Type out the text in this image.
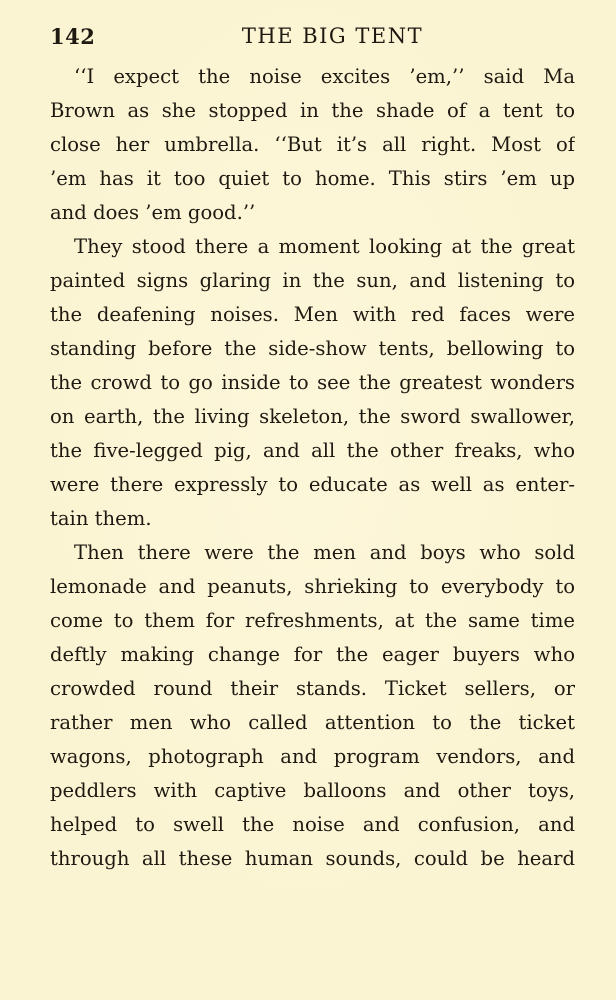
142	THE BIG TENT
‘‘I expect the noise excites ’em,’’ said Ma
Brown as she stopped in the shade of a tent to
close her umbrella. ‘‘But it’s all right. Most of
’em has it too quiet to home. This stirs ’em up
and does ’em good.’’
They stood there a moment looking at the great
painted signs glaring in the sun, and listening to
the deafening noises. Men with red faces were
standing before the side-show tents, bellowing to
the crowd to go inside to see the greatest wonders
on earth, the living skeleton, the sword swallower,
the five-legged pig, and all the other freaks, who
were there expressly to educate as well as enter-
tain them.
Then there were the men and boys who sold
lemonade and peanuts, shrieking to everybody to
come to them for refreshments, at the same time
deftly making change for the eager buyers who
crowded round their stands. Ticket sellers, or
rather men who called attention to the ticket
wagons, photograph and program vendors, and
peddlers with captive balloons and other toys,
helped to swell the noise and confusion, and
through all these human sounds, could be heard
